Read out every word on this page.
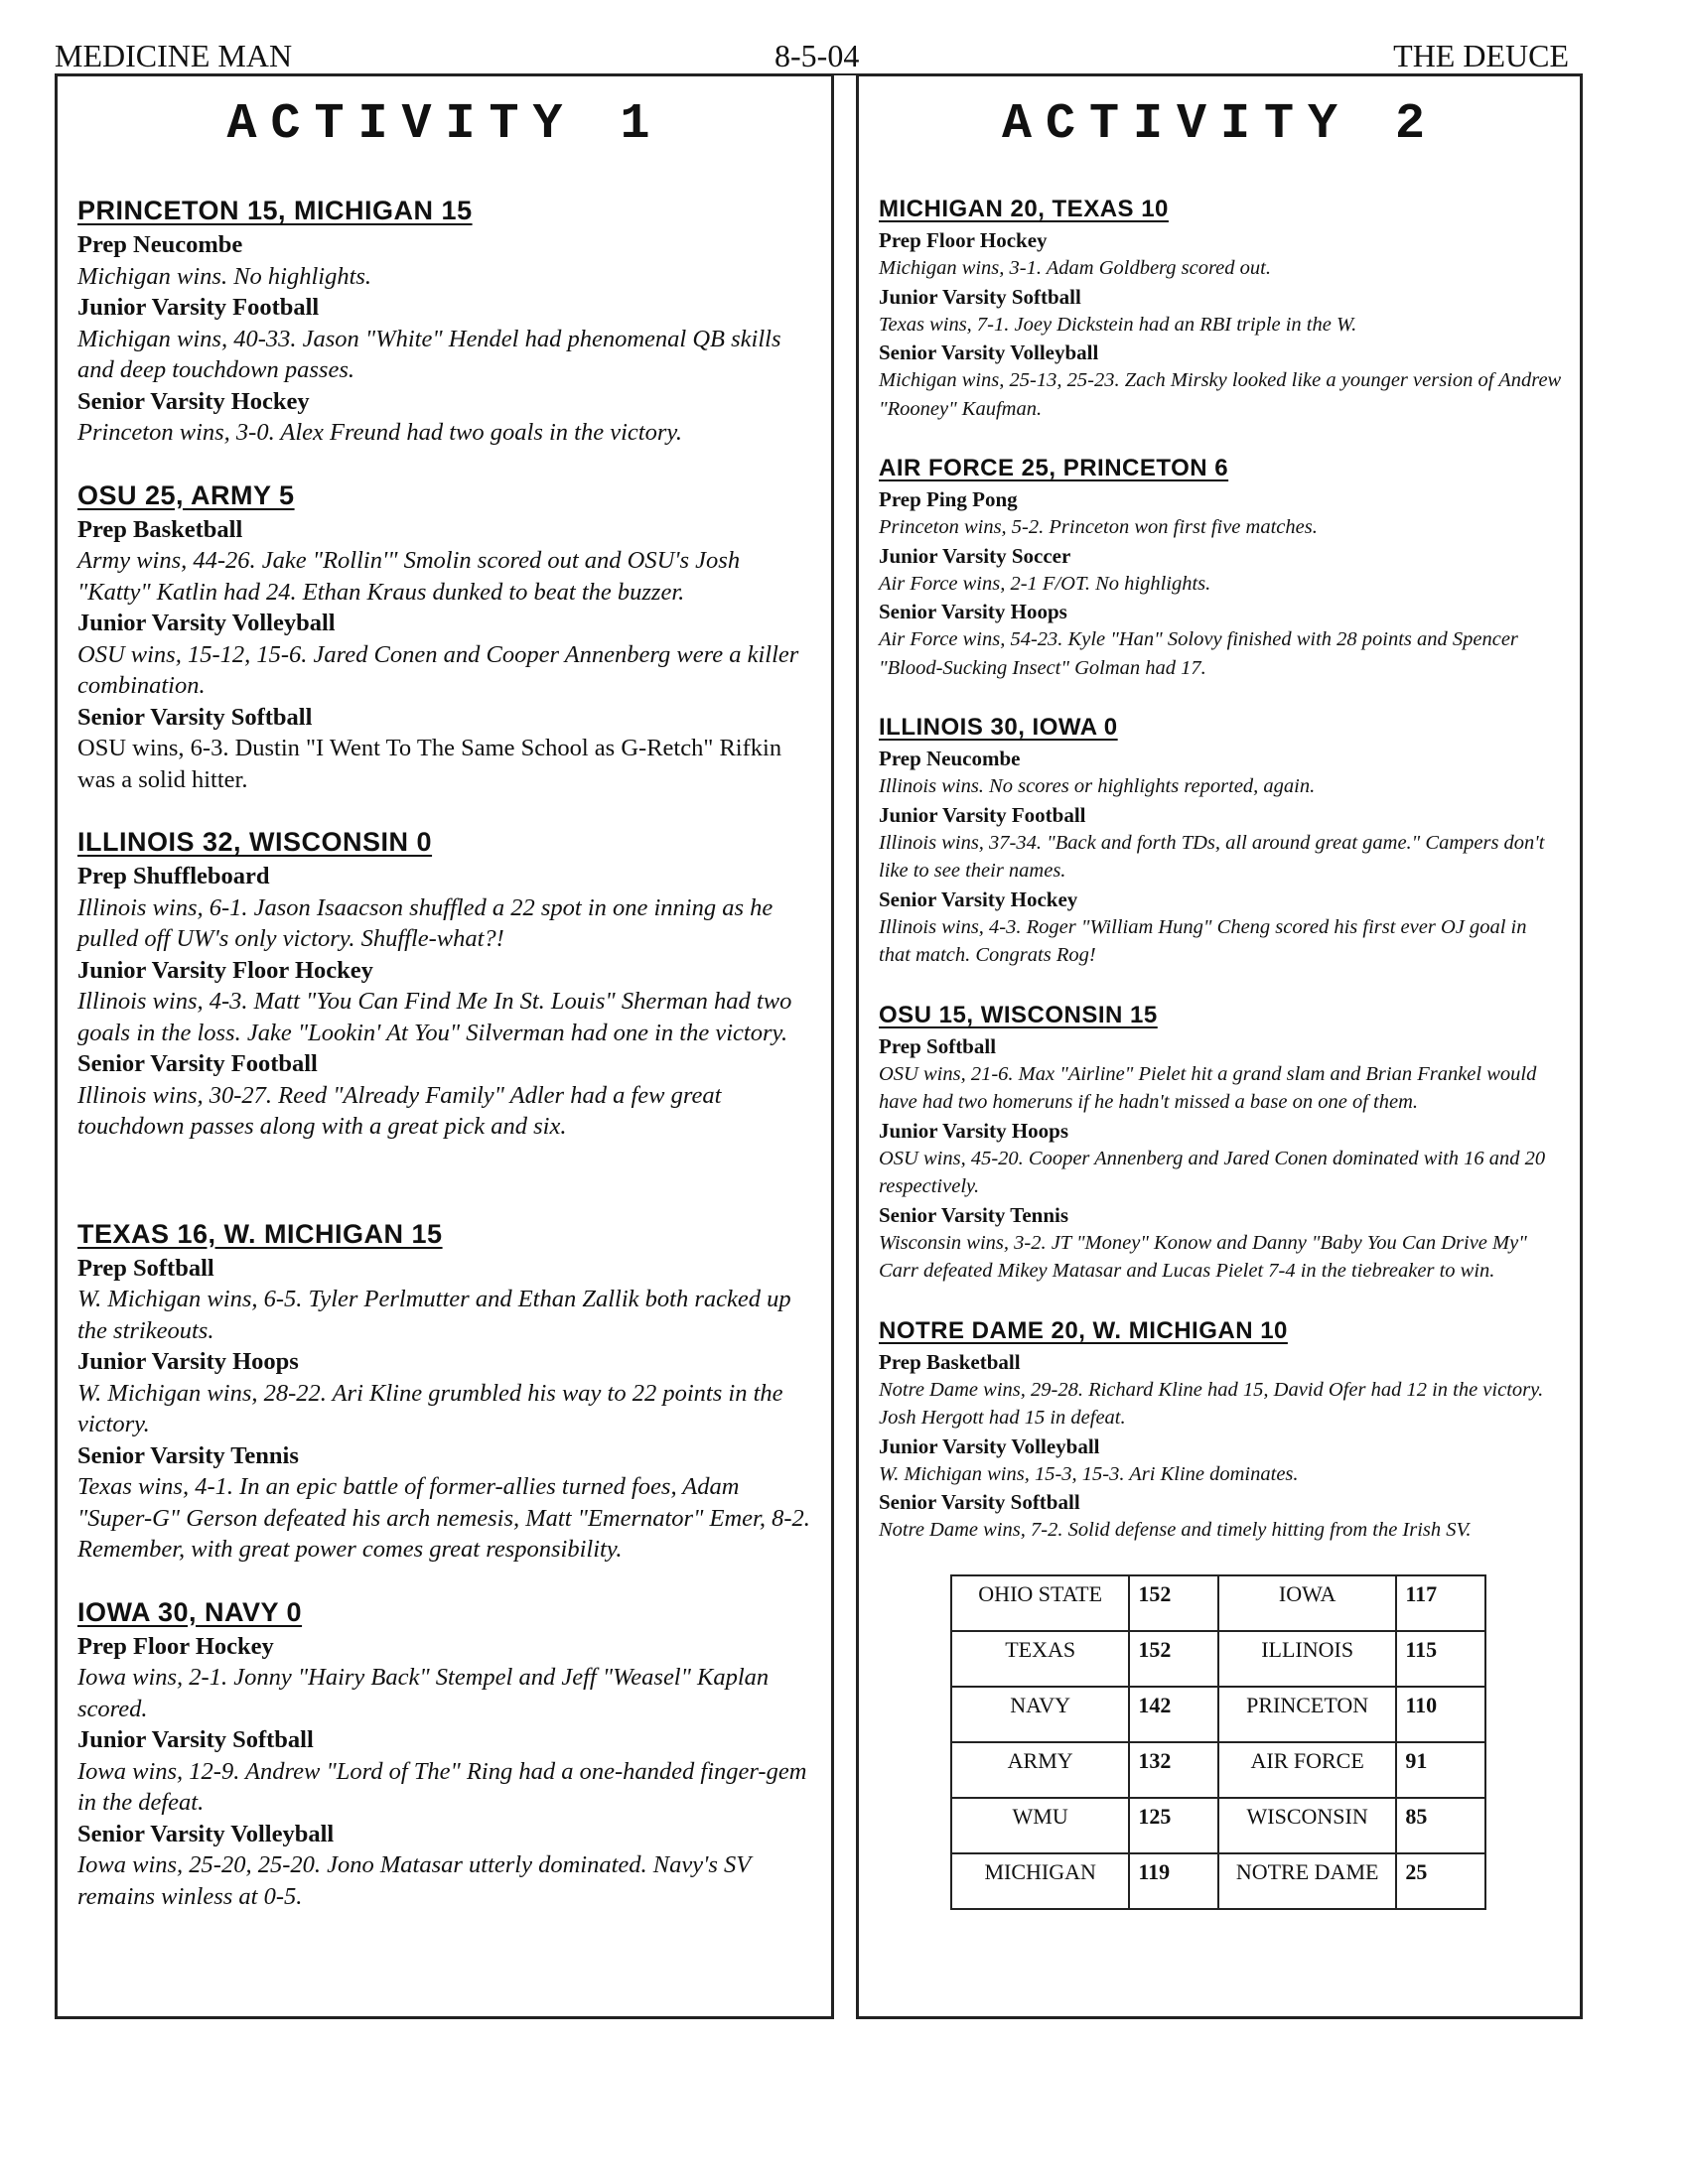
MEDICINE MAN	8-5-04	THE DEUCE
ACTIVITY 1
PRINCETON 15, MICHIGAN 15
Prep Neucombe
Michigan wins. No highlights.
Junior Varsity Football
Michigan wins, 40-33. Jason "White" Hendel had phenomenal QB skills and deep touchdown passes.
Senior Varsity Hockey
Princeton wins, 3-0. Alex Freund had two goals in the victory.
OSU 25, ARMY 5
Prep Basketball
Army wins, 44-26. Jake "Rollin'" Smolin scored out and OSU's Josh "Katty" Katlin had 24. Ethan Kraus dunked to beat the buzzer.
Junior Varsity Volleyball
OSU wins, 15-12, 15-6. Jared Conen and Cooper Annenberg were a killer combination.
Senior Varsity Softball
OSU wins, 6-3. Dustin "I Went To The Same School as G-Retch" Rifkin was a solid hitter.
ILLINOIS 32, WISCONSIN 0
Prep Shuffleboard
Illinois wins, 6-1. Jason Isaacson shuffled a 22 spot in one inning as he pulled off UW's only victory. Shuffle-what?!
Junior Varsity Floor Hockey
Illinois wins, 4-3. Matt "You Can Find Me In St. Louis" Sherman had two goals in the loss. Jake "Lookin' At You" Silverman had one in the victory.
Senior Varsity Football
Illinois wins, 30-27. Reed "Already Family" Adler had a few great touchdown passes along with a great pick and six.
TEXAS 16, W. MICHIGAN 15
Prep Softball
W. Michigan wins, 6-5. Tyler Perlmutter and Ethan Zallik both racked up the strikeouts.
Junior Varsity Hoops
W. Michigan wins, 28-22. Ari Kline grumbled his way to 22 points in the victory.
Senior Varsity Tennis
Texas wins, 4-1. In an epic battle of former-allies turned foes, Adam "Super-G" Gerson defeated his arch nemesis, Matt "Emernator" Emer, 8-2. Remember, with great power comes great responsibility.
IOWA 30, NAVY 0
Prep Floor Hockey
Iowa wins, 2-1. Jonny "Hairy Back" Stempel and Jeff "Weasel" Kaplan scored.
Junior Varsity Softball
Iowa wins, 12-9. Andrew "Lord of The" Ring had a one-handed finger-gem in the defeat.
Senior Varsity Volleyball
Iowa wins, 25-20, 25-20. Jono Matasar utterly dominated. Navy's SV remains winless at 0-5.
ACTIVITY 2
MICHIGAN 20, TEXAS 10
Prep Floor Hockey
Michigan wins, 3-1. Adam Goldberg scored out.
Junior Varsity Softball
Texas wins, 7-1. Joey Dickstein had an RBI triple in the W.
Senior Varsity Volleyball
Michigan wins, 25-13, 25-23. Zach Mirsky looked like a younger version of Andrew "Rooney" Kaufman.
AIR FORCE 25, PRINCETON 6
Prep Ping Pong
Princeton wins, 5-2. Princeton won first five matches.
Junior Varsity Soccer
Air Force wins, 2-1 F/OT. No highlights.
Senior Varsity Hoops
Air Force wins, 54-23. Kyle "Han" Solovy finished with 28 points and Spencer "Blood-Sucking Insect" Golman had 17.
ILLINOIS 30, IOWA 0
Prep Neucombe
Illinois wins. No scores or highlights reported, again.
Junior Varsity Football
Illinois wins, 37-34. "Back and forth TDs, all around great game." Campers don't like to see their names.
Senior Varsity Hockey
Illinois wins, 4-3. Roger "William Hung" Cheng scored his first ever OJ goal in that match. Congrats Rog!
OSU 15, WISCONSIN 15
Prep Softball
OSU wins, 21-6. Max "Airline" Pielet hit a grand slam and Brian Frankel would have had two homeruns if he hadn't missed a base on one of them.
Junior Varsity Hoops
OSU wins, 45-20. Cooper Annenberg and Jared Conen dominated with 16 and 20 respectively.
Senior Varsity Tennis
Wisconsin wins, 3-2. JT "Money" Konow and Danny "Baby You Can Drive My" Carr defeated Mikey Matasar and Lucas Pielet 7-4 in the tiebreaker to win.
NOTRE DAME 20, W. MICHIGAN 10
Prep Basketball
Notre Dame wins, 29-28. Richard Kline had 15, David Ofer had 12 in the victory. Josh Hergott had 15 in defeat.
Junior Varsity Volleyball
W. Michigan wins, 15-3, 15-3. Ari Kline dominates.
Senior Varsity Softball
Notre Dame wins, 7-2. Solid defense and timely hitting from the Irish SV.
OHIO STATE	152	IOWA	117
TEXAS	152	ILLINOIS	115
NAVY	142	PRINCETON	110
ARMY	132	AIR FORCE	91
WMU	125	WISCONSIN	85
MICHIGAN	119	NOTRE DAME	25
